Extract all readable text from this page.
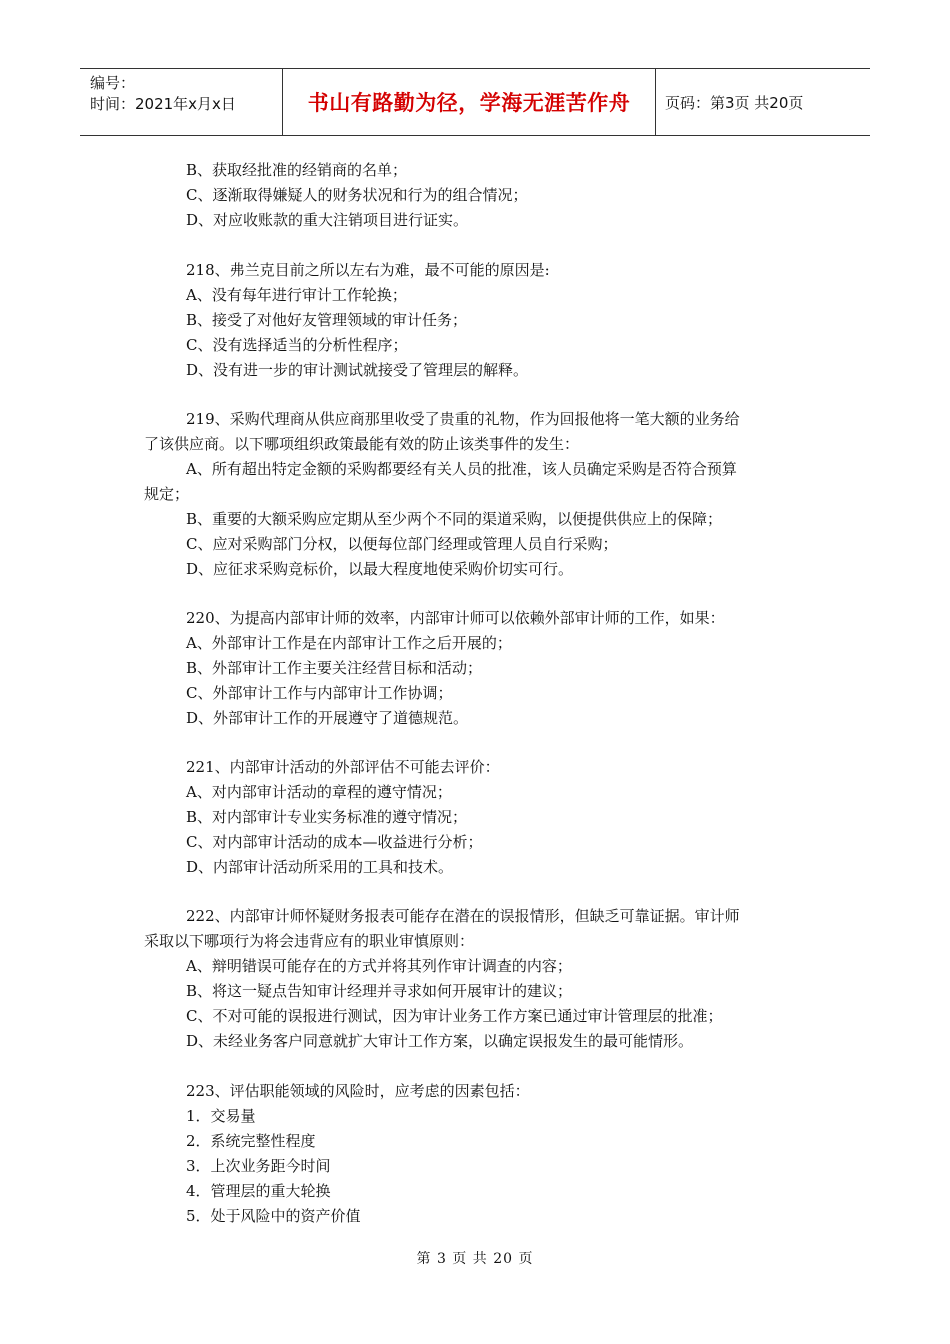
编号：
时间：2021年x月x日	书山有路勤为径，学海无涯苦作舟 页码：第3页 共20页
B、获取经批准的经销商的名单；
C、逐渐取得嫌疑人的财务状况和行为的组合情况；
D、对应收账款的重大注销项目进行证实。
218、弗兰克目前之所以左右为难，最不可能的原因是:
A、没有每年进行审计工作轮换；
B、接受了对他好友管理领域的审计任务；
C、没有选择适当的分析性程序；
D、没有进一步的审计测试就接受了管理层的解释。
219、采购代理商从供应商那里收受了贵重的礼物，作为回报他将一笔大额的业务给
了该供应商。以下哪项组织政策最能有效的防止该类事件的发生：
A、所有超出特定金额的采购都要经有关人员的批准，该人员确定采购是否符合预算
规定；
B、重要的大额采购应定期从至少两个不同的渠道采购，以便提供供应上的保障；
C、应对采购部门分权，以便每位部门经理或管理人员自行采购；
D、应征求采购竞标价，以最大程度地使采购价切实可行。
220、为提高内部审计师的效率，内部审计师可以依赖外部审计师的工作，如果：
A、外部审计工作是在内部审计工作之后开展的；
B、外部审计工作主要关注经营目标和活动；
C、外部审计工作与内部审计工作协调；
D、外部审计工作的开展遵守了道德规范。
221、内部审计活动的外部评估不可能去评价：
A、对内部审计活动的章程的遵守情况；
B、对内部审计专业实务标准的遵守情况；
C、对内部审计活动的成本—收益进行分析；
D、内部审计活动所采用的工具和技术。
222、内部审计师怀疑财务报表可能存在潜在的误报情形，但缺乏可靠证据。审计师
采取以下哪项行为将会违背应有的职业审慎原则：
A、辩明错误可能存在的方式并将其列作审计调查的内容；
B、将这一疑点告知审计经理并寻求如何开展审计的建议；
C、不对可能的误报进行测试，因为审计业务工作方案已通过审计管理层的批准；
D、未经业务客户同意就扩大审计工作方案，以确定误报发生的最可能情形。
223、评估职能领域的风险时，应考虑的因素包括：
1．交易量
2．系统完整性程度
3．上次业务距今时间
4．管理层的重大轮换
5．处于风险中的资产价值
第 3 页 共 20 页
